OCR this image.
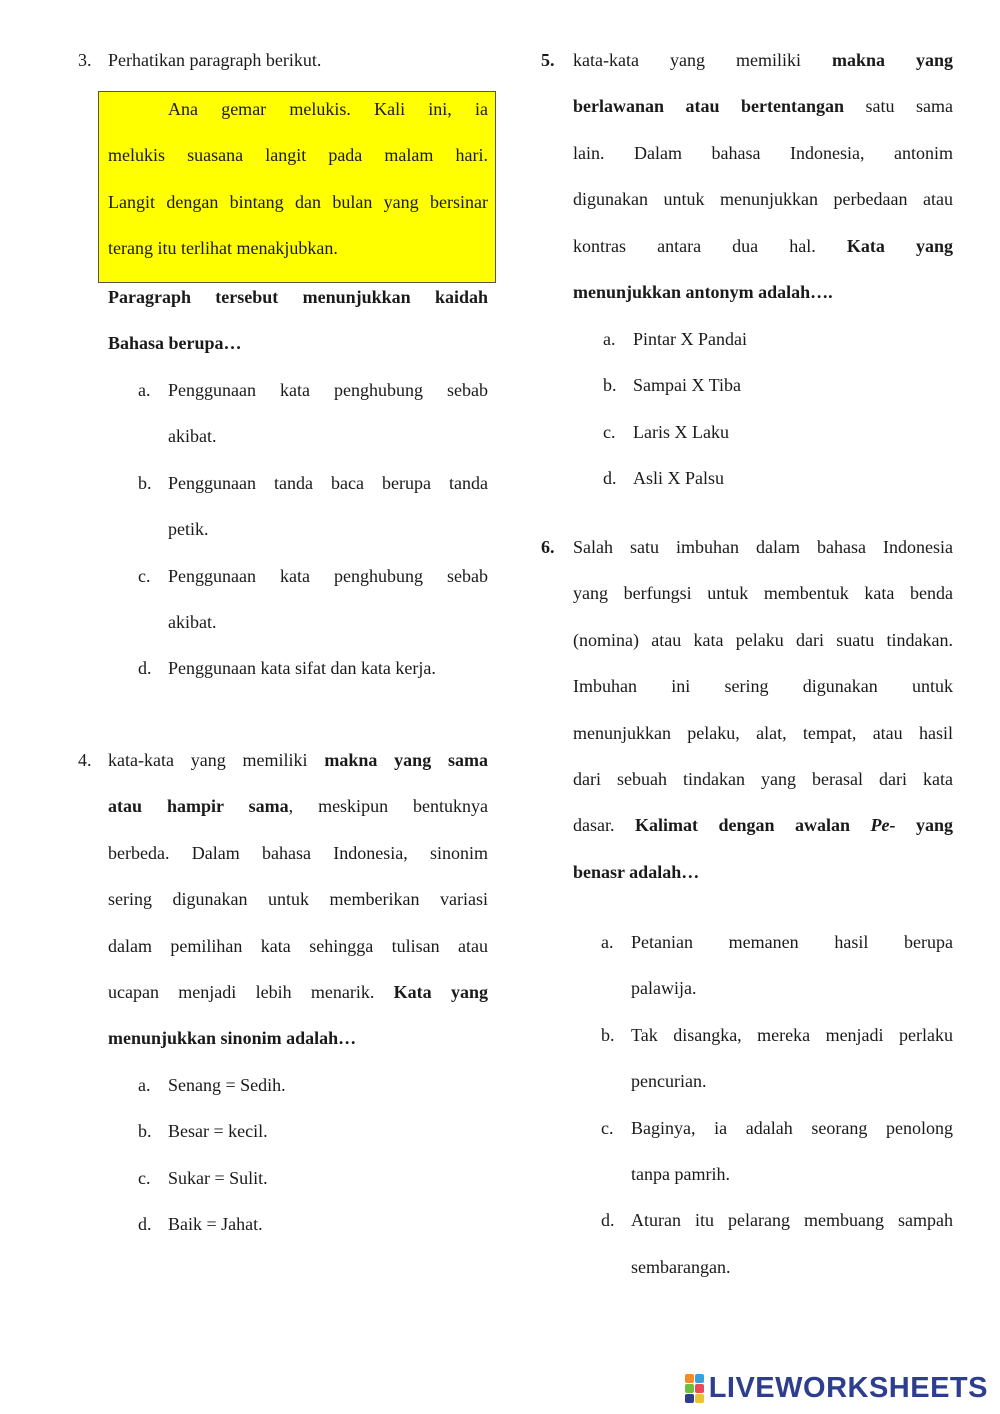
3. Perhatikan paragraph berikut.
Ana gemar melukis. Kali ini, ia
melukis suasana langit pada malam hari.
Langit dengan bintang dan bulan yang bersinar
terang itu terlihat menakjubkan.
Paragraph tersebut menunjukkan kaidah
Bahasa berupa…
a. Penggunaan kata penghubung sebab
akibat.
b. Penggunaan tanda baca berupa tanda
petik.
c. Penggunaan kata penghubung sebab
akibat.
d. Penggunaan kata sifat dan kata kerja.
4. kata-kata yang memiliki makna yang sama
atau hampir sama, meskipun bentuknya
berbeda. Dalam bahasa Indonesia, sinonim
sering digunakan untuk memberikan variasi
dalam pemilihan kata sehingga tulisan atau
ucapan menjadi lebih menarik. Kata yang
menunjukkan sinonim adalah…
a. Senang = Sedih.
b. Besar = kecil.
c. Sukar = Sulit.
d. Baik = Jahat.
5.	kata-kata yang memiliki makna yang
berlawanan atau bertentangan satu sama
lain. Dalam bahasa Indonesia, antonim
digunakan untuk menunjukkan perbedaan atau
kontras antara dua hal. Kata yang
menunjukkan antonym adalah….
a. Pintar X Pandai
b. Sampai X Tiba
c. Laris X Laku
d. Asli X Palsu
6.	Salah satu imbuhan dalam bahasa Indonesia
yang berfungsi untuk membentuk kata benda
(nomina) atau kata pelaku dari suatu tindakan.
Imbuhan ini sering digunakan untuk
menunjukkan pelaku, alat, tempat, atau hasil
dari sebuah tindakan yang berasal dari kata
dasar. Kalimat dengan awalan Pe- yang
benasr adalah…
a. Petanian memanen hasil berupa
palawija.
b. Tak disangka, mereka menjadi perlaku
pencurian.
c. Baginya, ia adalah seorang penolong
tanpa pamrih.
d. Aturan itu pelarang membuang sampah
sembarangan.
LIVEWORKSHEETS
